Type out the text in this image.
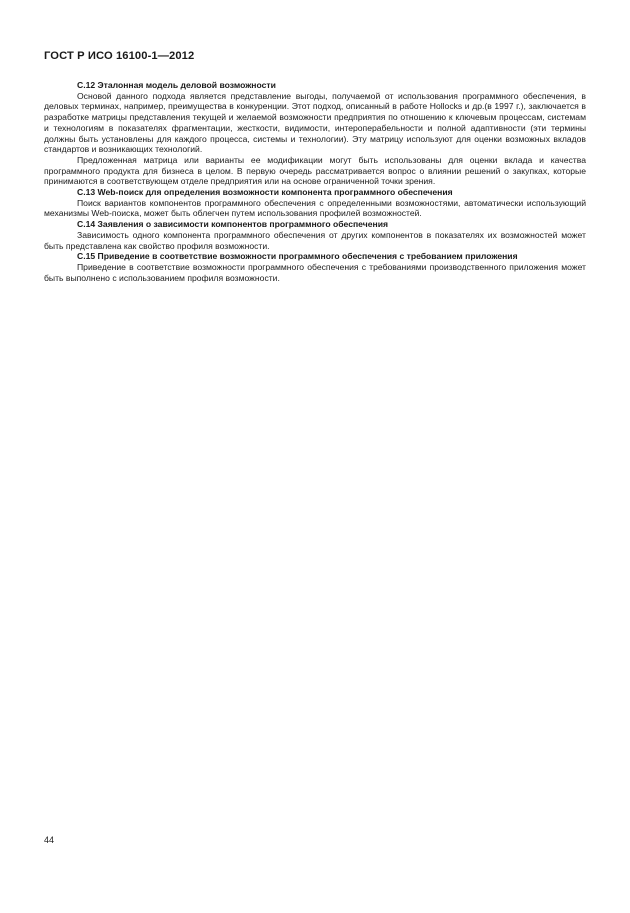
ГОСТ Р ИСО 16100-1—2012
С.12 Эталонная модель деловой возможности

Основой данного подхода является представление выгоды, получаемой от использования программного обеспечения, в деловых терминах, например, преимущества в конкуренции. Этот подход, описанный в работе Hollocks и др.(в 1997 г.), заключается в разработке матрицы представления текущей и желаемой возможности предприятия по отношению к ключевым процессам, системам и технологиям в показателях фрагментации, жесткости, видимости, интероперабельности и полной адаптивности (эти термины должны быть установлены для каждого процесса, системы и технологии). Эту матрицу используют для оценки возможных вкладов стандартов и возникающих технологий.

Предложенная матрица или варианты ее модификации могут быть использованы для оценки вклада и качества программного продукта для бизнеса в целом. В первую очередь рассматривается вопрос о влиянии решений о закупках, которые принимаются в соответствующем отделе предприятия или на основе ограниченной точки зрения.

С.13 Web-поиск для определения возможности компонента программного обеспечения

Поиск вариантов компонентов программного обеспечения с определенными возможностями, автоматически использующий механизмы Web-поиска, может быть облегчен путем использования профилей возможностей.

С.14 Заявления о зависимости компонентов программного обеспечения

Зависимость одного компонента программного обеспечения от других компонентов в показателях их возможностей может быть представлена как свойство профиля возможности.

С.15 Приведение в соответствие возможности программного обеспечения с требованием приложения

Приведение в соответствие возможности программного обеспечения с требованиями производственного приложения может быть выполнено с использованием профиля возможности.

44
